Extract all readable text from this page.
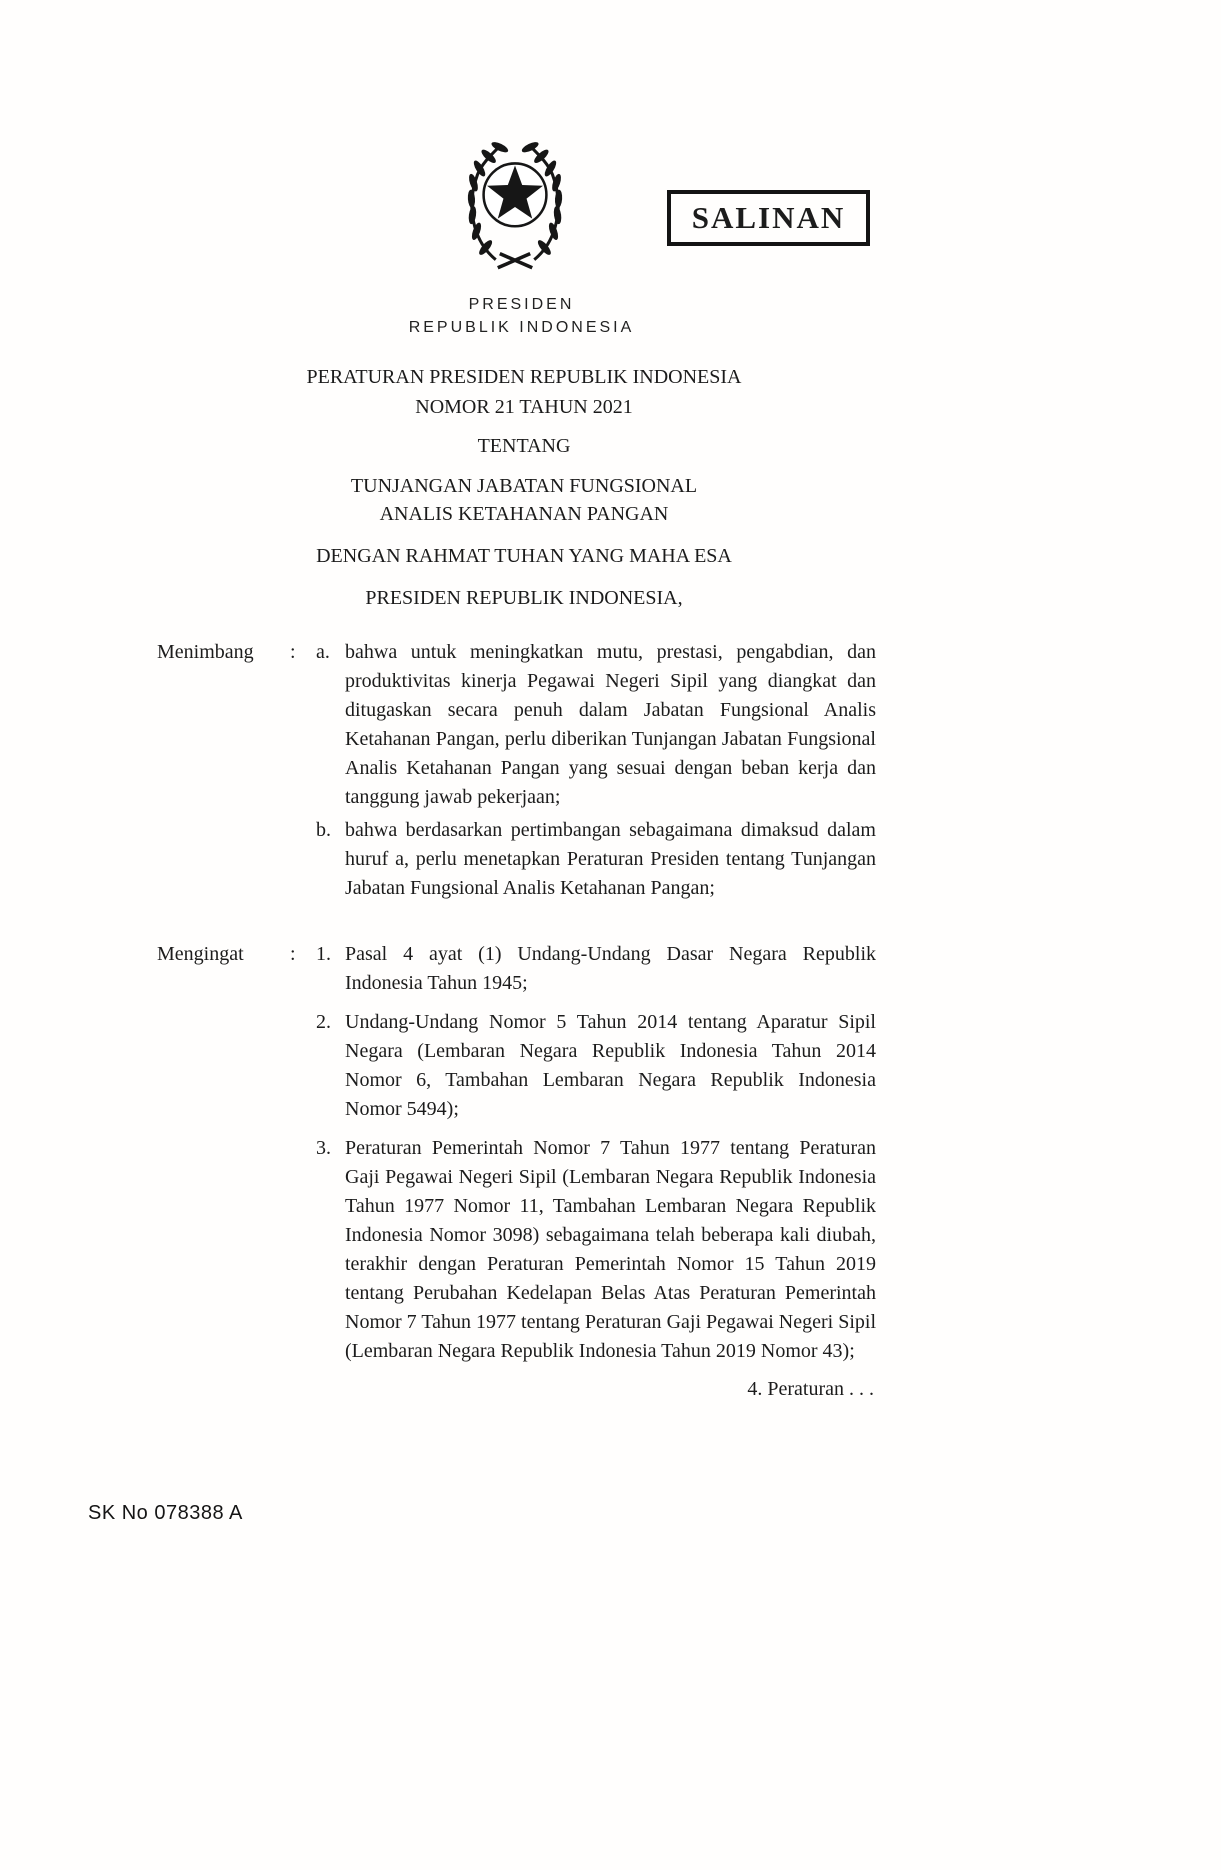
SALINAN
PRESIDEN
REPUBLIK INDONESIA
PERATURAN PRESIDEN REPUBLIK INDONESIA
NOMOR 21 TAHUN 2021
TENTANG
TUNJANGAN JABATAN FUNGSIONAL
ANALIS KETAHANAN PANGAN
DENGAN RAHMAT TUHAN YANG MAHA ESA
PRESIDEN REPUBLIK INDONESIA,
Menimbang	:	a. bahwa untuk meningkatkan mutu, prestasi, pengabdian, dan produktivitas kinerja Pegawai Negeri Sipil yang diangkat dan ditugaskan secara penuh dalam Jabatan Fungsional Analis Ketahanan Pangan, perlu diberikan Tunjangan Jabatan Fungsional Analis Ketahanan Pangan yang sesuai dengan beban kerja dan tanggung jawab pekerjaan;
b. bahwa berdasarkan pertimbangan sebagaimana dimaksud dalam huruf a, perlu menetapkan Peraturan Presiden tentang Tunjangan Jabatan Fungsional Analis Ketahanan Pangan;
Mengingat	:	1. Pasal 4 ayat (1) Undang-Undang Dasar Negara Republik Indonesia Tahun 1945;
2. Undang-Undang Nomor 5 Tahun 2014 tentang Aparatur Sipil Negara (Lembaran Negara Republik Indonesia Tahun 2014 Nomor 6, Tambahan Lembaran Negara Republik Indonesia Nomor 5494);
3. Peraturan Pemerintah Nomor 7 Tahun 1977 tentang Peraturan Gaji Pegawai Negeri Sipil (Lembaran Negara Republik Indonesia Tahun 1977 Nomor 11, Tambahan Lembaran Negara Republik Indonesia Nomor 3098) sebagaimana telah beberapa kali diubah, terakhir dengan Peraturan Pemerintah Nomor 15 Tahun 2019 tentang Perubahan Kedelapan Belas Atas Peraturan Pemerintah Nomor 7 Tahun 1977 tentang Peraturan Gaji Pegawai Negeri Sipil (Lembaran Negara Republik Indonesia Tahun 2019 Nomor 43);
4. Peraturan . . .
SK No 078388 A
